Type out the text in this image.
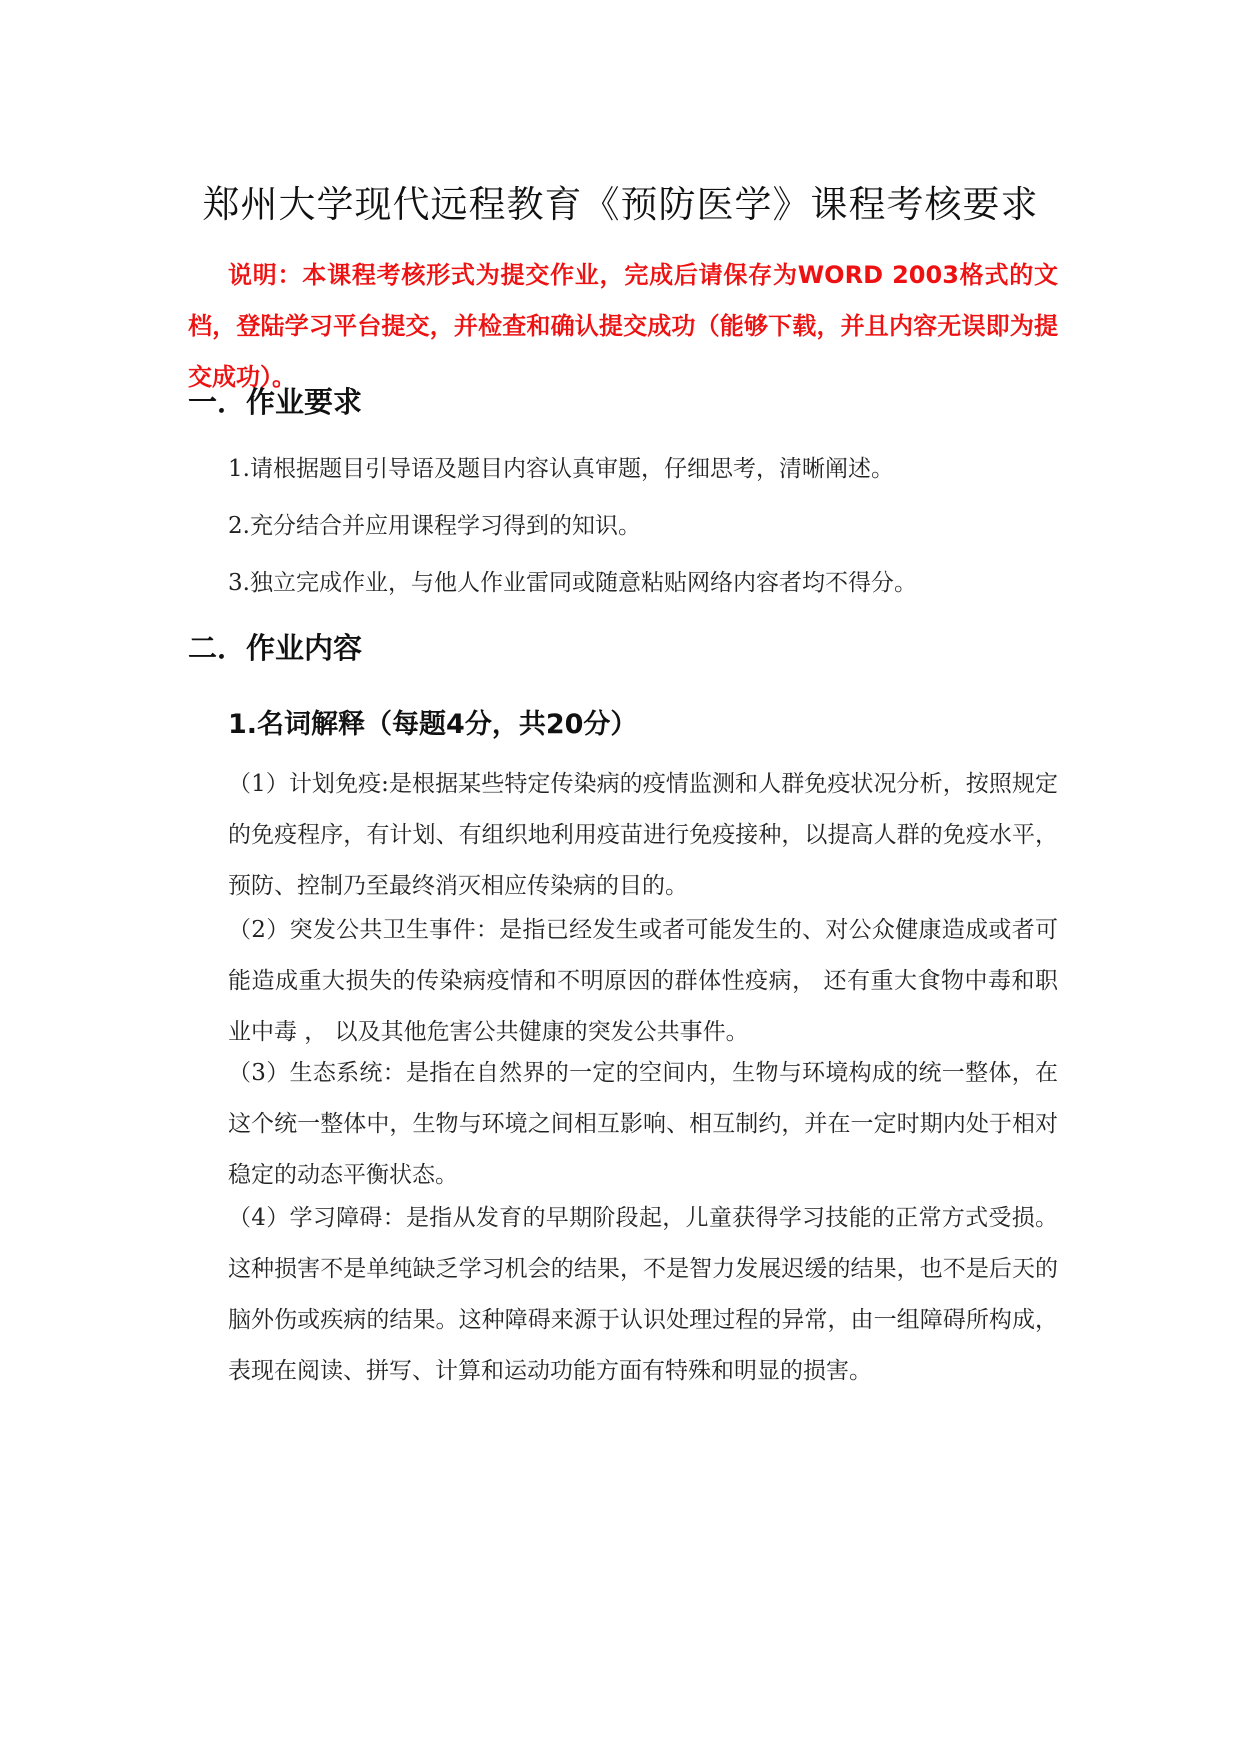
郑州大学现代远程教育《预防医学》课程考核要求
说明：本课程考核形式为提交作业，完成后请保存为WORD 2003格式的文档，登陆学习平台提交，并检查和确认提交成功（能够下载，并且内容无误即为提交成功）。
一．作业要求
1.请根据题目引导语及题目内容认真审题，仔细思考，清晰阐述。
2.充分结合并应用课程学习得到的知识。
3.独立完成作业，与他人作业雷同或随意粘贴网络内容者均不得分。
二．作业内容
1.名词解释（每题4分，共20分）
（1）计划免疫:是根据某些特定传染病的疫情监测和人群免疫状况分析，按照规定的免疫程序，有计划、有组织地利用疫苗进行免疫接种，以提高人群的免疫水平，预防、控制乃至最终消灭相应传染病的目的。
（2）突发公共卫生事件：是指已经发生或者可能发生的、对公众健康造成或者可能造成重大损失的传染病疫情和不明原因的群体性疫病， 还有重大食物中毒和职业中毒 ， 以及其他危害公共健康的突发公共事件。
（3）生态系统：是指在自然界的一定的空间内，生物与环境构成的统一整体，在这个统一整体中，生物与环境之间相互影响、相互制约，并在一定时期内处于相对稳定的动态平衡状态。
（4）学习障碍：是指从发育的早期阶段起，儿童获得学习技能的正常方式受损。这种损害不是单纯缺乏学习机会的结果，不是智力发展迟缓的结果，也不是后天的脑外伤或疾病的结果。这种障碍来源于认识处理过程的异常，由一组障碍所构成，表现在阅读、拼写、计算和运动功能方面有特殊和明显的损害。
